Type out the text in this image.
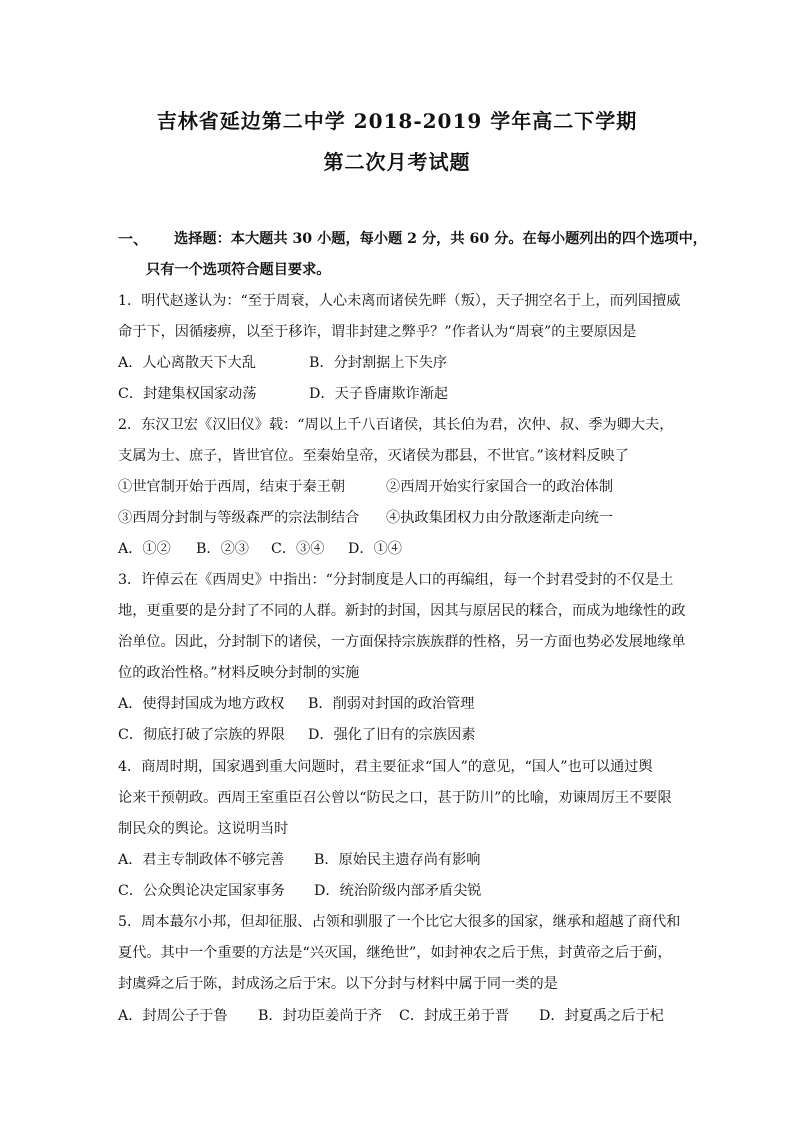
吉林省延边第二中学 2018-2019 学年高二下学期
第二次月考试题
一、 选择题：本大题共 30 小题，每小题 2 分，共 60 分。在每小题列出的四个选项中，
只有一个选项符合题目要求。
1．明代赵遂认为：“至于周衰，人心未离而诸侯先畔（叛），天子拥空名于上，而列国擅威
命于下，因循痿痹，以至于移诈，谓非封建之弊乎？”作者认为“周衰”的主要原因是
A．人心离散天下大乱	B．分封割据上下失序
C．封建集权国家动荡	D．天子昏庸欺诈渐起
2．东汉卫宏《汉旧仪》载：“周以上千八百诸侯，其长伯为君，次仲、叔、季为卿大夫，
支属为士、庶子，皆世官位。至秦始皇帝，灭诸侯为郡县，不世官。”该材料反映了
①世官制开始于西周，结束于秦王朝	②西周开始实行家国合一的政治体制
③西周分封制与等级森严的宗法制结合 ④执政集团权力由分散逐渐走向统一
A．①② B．②③ C．③④ D．①④
3．许倬云在《西周史》中指出：“分封制度是人口的再编组，每一个封君受封的不仅是土
地，更重要的是分封了不同的人群。新封的封国，因其与原居民的糅合，而成为地缘性的政
治单位。因此，分封制下的诸侯，一方面保持宗族族群的性格，另一方面也势必发展地缘单
位的政治性格。”材料反映分封制的实施
A．使得封国成为地方政权 B．削弱对封国的政治管理
C．彻底打破了宗族的界限 D．强化了旧有的宗族因素
4．商周时期，国家遇到重大问题时，君主要征求“国人”的意见，“国人”也可以通过舆
论来干预朝政。西周王室重臣召公曾以“防民之口，甚于防川”的比喻，劝谏周厉王不要限
制民众的舆论。这说明当时
A．君主专制政体不够完善 B．原始民主遗存尚有影响
C．公众舆论决定国家事务 D．统治阶级内部矛盾尖锐
5．周本蕞尔小邦，但却征服、占领和驯服了一个比它大很多的国家，继承和超越了商代和
夏代。其中一个重要的方法是“兴灭国，继绝世”，如封神农之后于焦，封黄帝之后于蓟，
封虞舜之后于陈，封成汤之后于宋。以下分封与材料中属于同一类的是
A．封周公子于鲁 B．封功臣姜尚于齐 C．封成王弟于晋 D．封夏禹之后于杞
